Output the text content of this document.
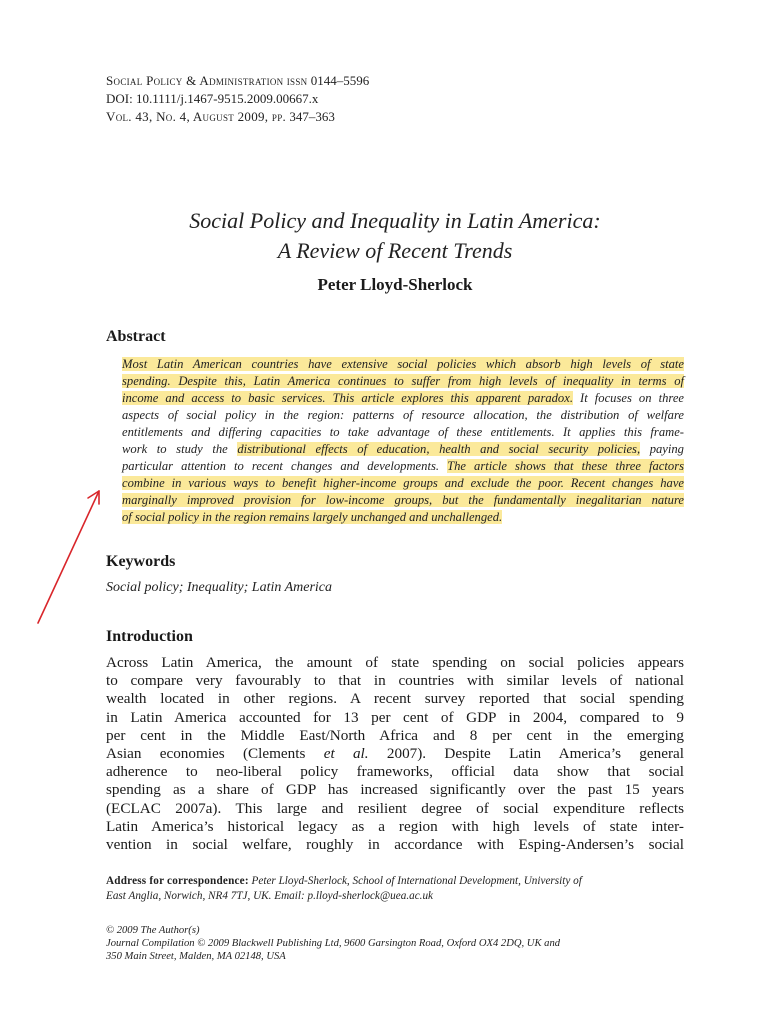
Social Policy & Administration issn 0144–5596
DOI: 10.1111/j.1467-9515.2009.00667.x
Vol. 43, No. 4, August 2009, pp. 347–363
Social Policy and Inequality in Latin America:
A Review of Recent Trends
Peter Lloyd-Sherlock
Abstract
Most Latin American countries have extensive social policies which absorb high levels of state
spending. Despite this, Latin America continues to suffer from high levels of inequality in terms of
income and access to basic services. This article explores this apparent paradox. It focuses on three
aspects of social policy in the region: patterns of resource allocation, the distribution of welfare
entitlements and differing capacities to take advantage of these entitlements. It applies this frame-
work to study the distributional effects of education, health and social security policies, paying
particular attention to recent changes and developments. The article shows that these three factors
combine in various ways to benefit higher-income groups and exclude the poor. Recent changes have
marginally improved provision for low-income groups, but the fundamentally inegalitarian nature
of social policy in the region remains largely unchanged and unchallenged.
Keywords
Social policy; Inequality; Latin America
Introduction
Across Latin America, the amount of state spending on social policies appears
to compare very favourably to that in countries with similar levels of national
wealth located in other regions. A recent survey reported that social spending
in Latin America accounted for 13 per cent of GDP in 2004, compared to 9
per cent in the Middle East/North Africa and 8 per cent in the emerging
Asian economies (Clements et al. 2007). Despite Latin America’s general
adherence to neo-liberal policy frameworks, official data show that social
spending as a share of GDP has increased significantly over the past 15 years
(ECLAC 2007a). This large and resilient degree of social expenditure reflects
Latin America’s historical legacy as a region with high levels of state inter-
vention in social welfare, roughly in accordance with Esping-Andersen’s social
Address for correspondence: Peter Lloyd-Sherlock, School of International Development, University of
East Anglia, Norwich, NR4 7TJ, UK. Email: p.lloyd-sherlock@uea.ac.uk
© 2009 The Author(s)
Journal Compilation © 2009 Blackwell Publishing Ltd, 9600 Garsington Road, Oxford OX4 2DQ, UK and
350 Main Street, Malden, MA 02148, USA
